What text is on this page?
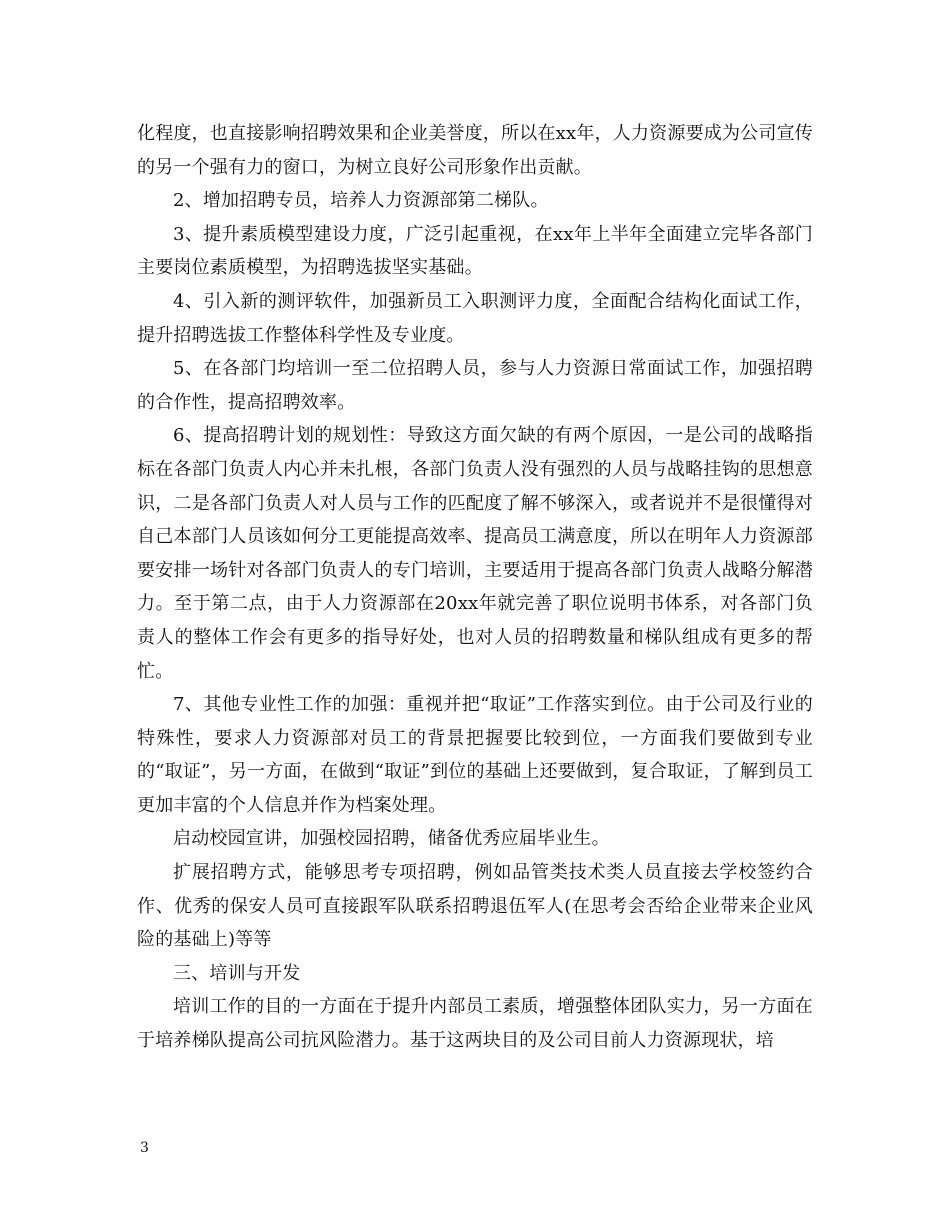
化程度，也直接影响招聘效果和企业美誉度，所以在xx年，人力资源要成为公司宣传的另一个强有力的窗口，为树立良好公司形象作出贡献。

2、增加招聘专员，培养人力资源部第二梯队。

3、提升素质模型建设力度，广泛引起重视，在xx年上半年全面建立完毕各部门主要岗位素质模型，为招聘选拔坚实基础。

4、引入新的测评软件，加强新员工入职测评力度，全面配合结构化面试工作，提升招聘选拔工作整体科学性及专业度。

5、在各部门均培训一至二位招聘人员，参与人力资源日常面试工作，加强招聘的合作性，提高招聘效率。

6、提高招聘计划的规划性：导致这方面欠缺的有两个原因，一是公司的战略指标在各部门负责人内心并未扎根，各部门负责人没有强烈的人员与战略挂钩的思想意识，二是各部门负责人对人员与工作的匹配度了解不够深入，或者说并不是很懂得对自己本部门人员该如何分工更能提高效率、提高员工满意度，所以在明年人力资源部要安排一场针对各部门负责人的专门培训，主要适用于提高各部门负责人战略分解潜力。至于第二点，由于人力资源部在20xx年就完善了职位说明书体系，对各部门负责人的整体工作会有更多的指导好处，也对人员的招聘数量和梯队组成有更多的帮忙。

7、其他专业性工作的加强：重视并把“取证”工作落实到位。由于公司及行业的特殊性，要求人力资源部对员工的背景把握要比较到位，一方面我们要做到专业的“取证”，另一方面，在做到“取证”到位的基础上还要做到，复合取证，了解到员工更加丰富的个人信息并作为档案处理。

启动校园宣讲，加强校园招聘，储备优秀应届毕业生。

扩展招聘方式，能够思考专项招聘，例如品管类技术类人员直接去学校签约合作、优秀的保安人员可直接跟军队联系招聘退伍军人(在思考会否给企业带来企业风险的基础上)等等

三、培训与开发

培训工作的目的一方面在于提升内部员工素质，增强整体团队实力，另一方面在于培养梯队提高公司抗风险潜力。基于这两块目的及公司目前人力资源现状，培

3
